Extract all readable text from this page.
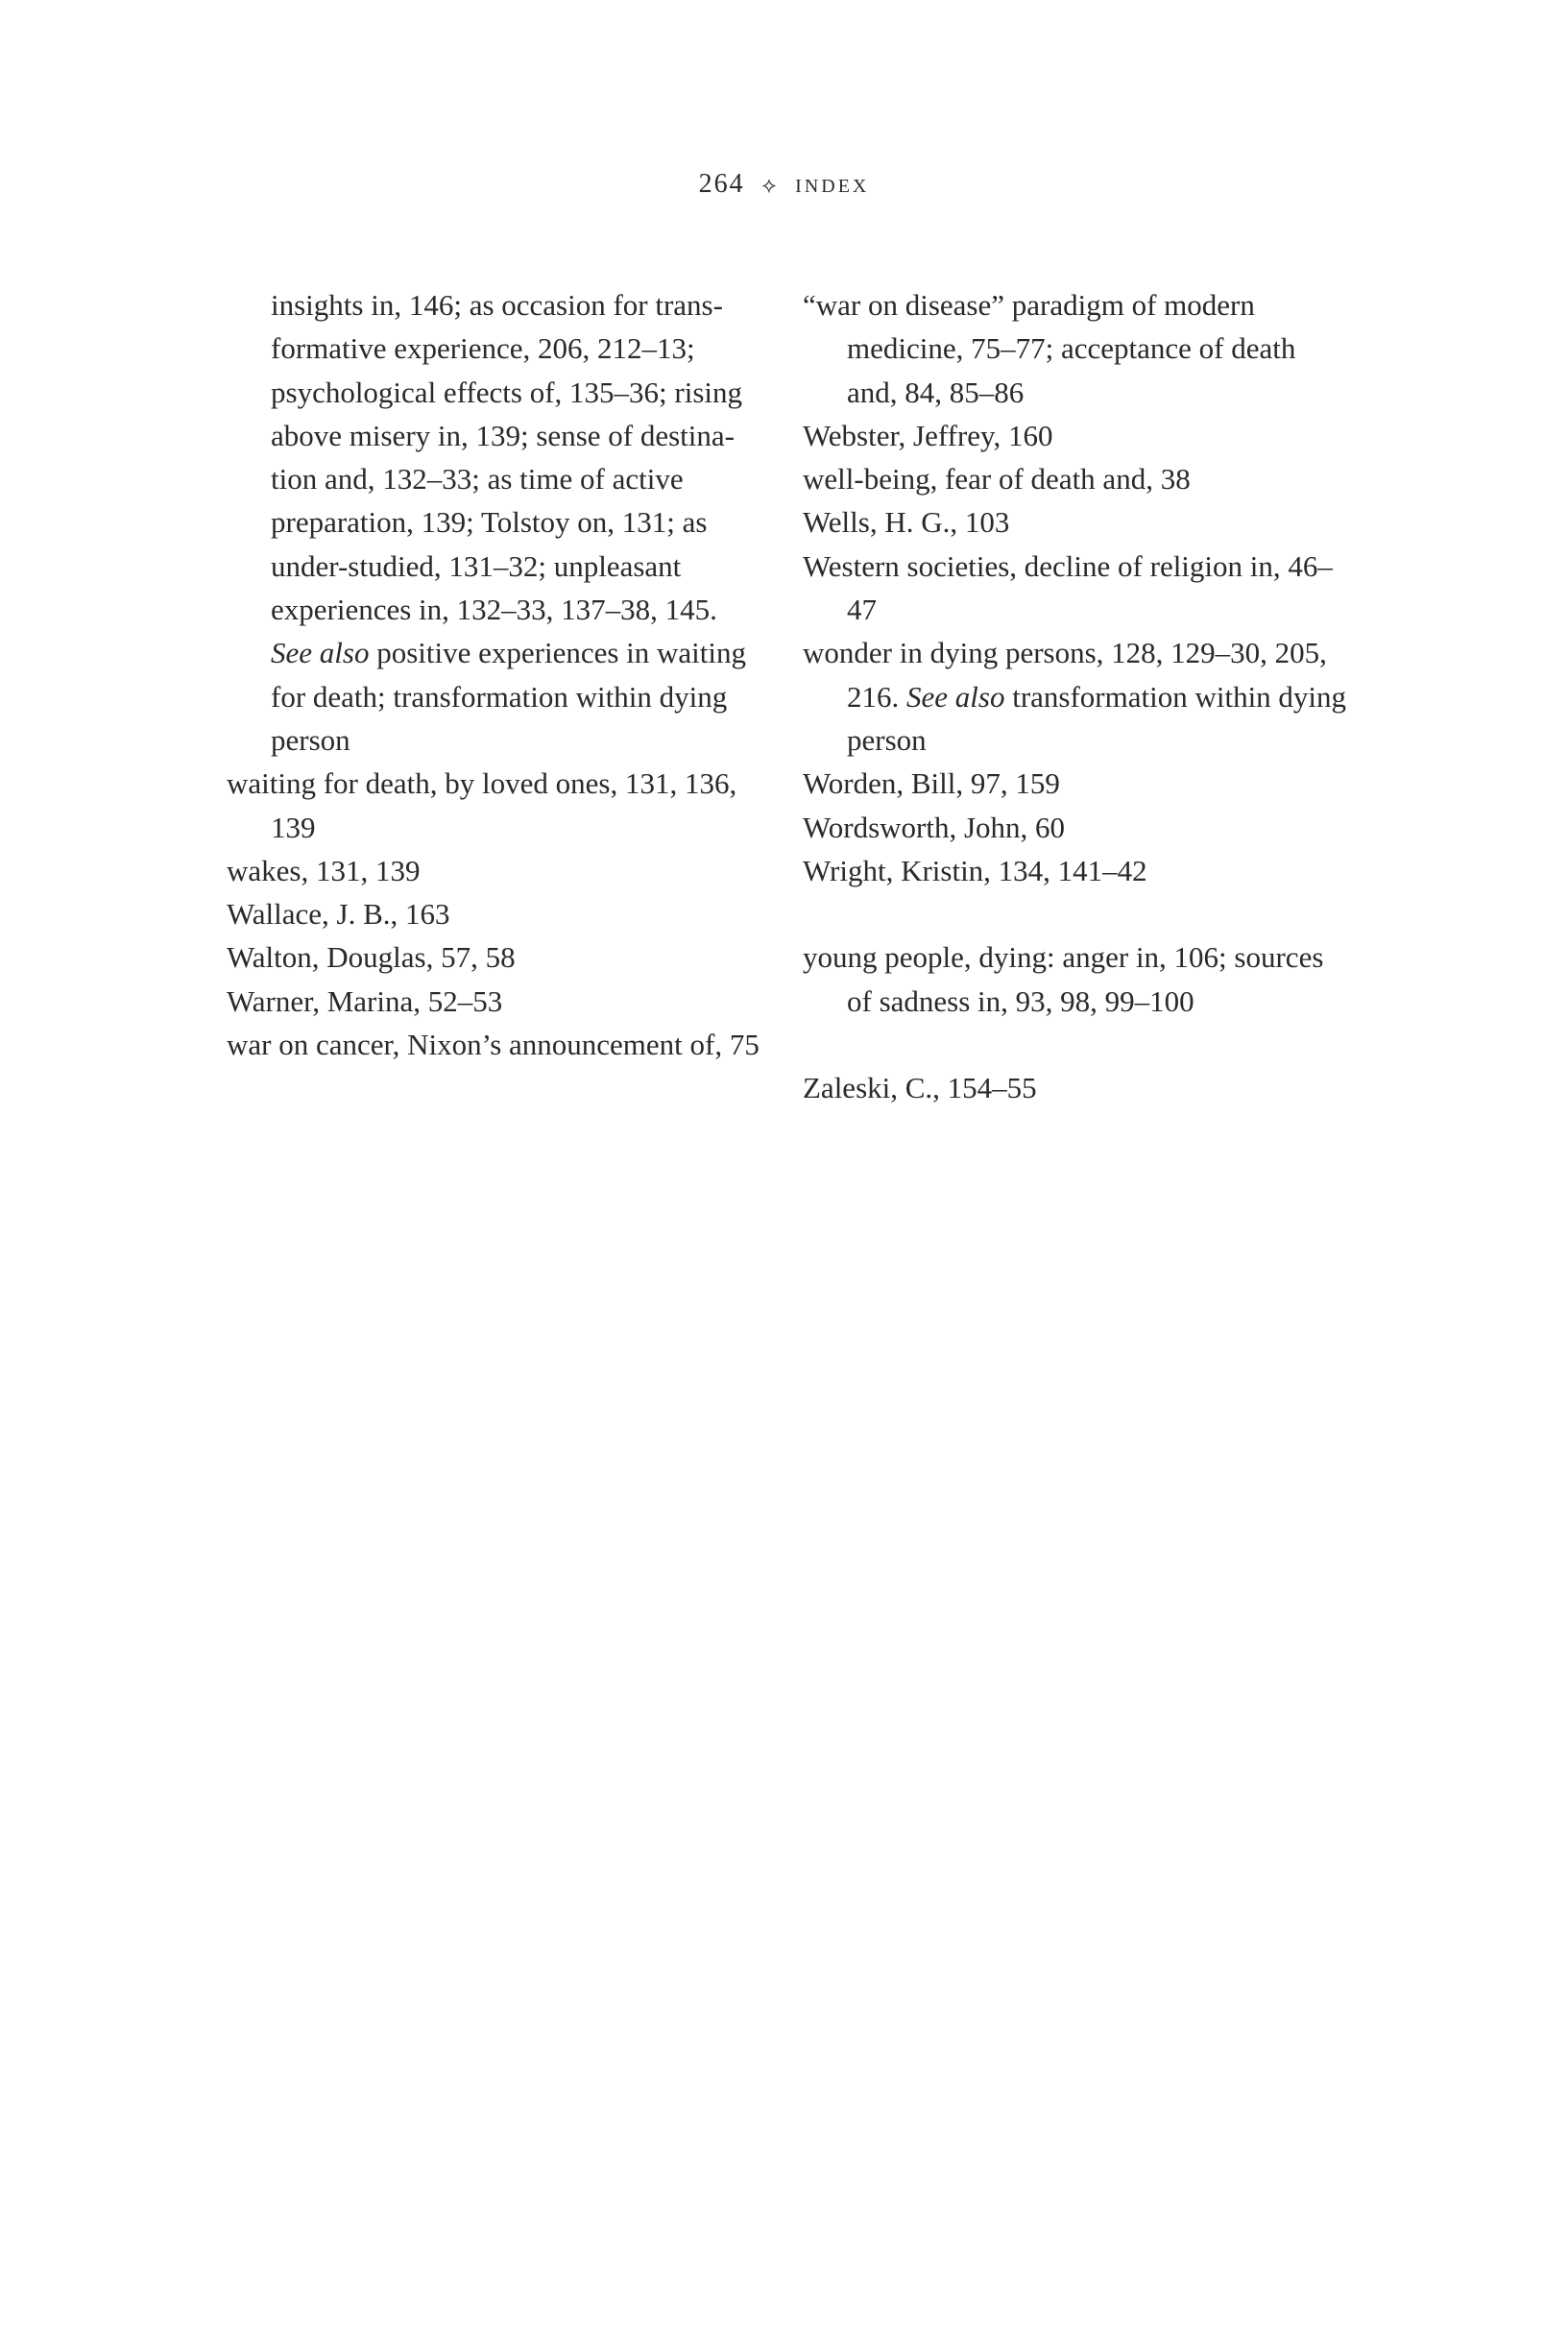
264 ⟡ index
insights in, 146; as occasion for transformative experience, 206, 212–13; psychological effects of, 135–36; rising above misery in, 139; sense of destination and, 132–33; as time of active preparation, 139; Tolstoy on, 131; as under-studied, 131–32; unpleasant experiences in, 132–33, 137–38, 145. See also positive experiences in waiting for death; transformation within dying person
waiting for death, by loved ones, 131, 136, 139
wakes, 131, 139
Wallace, J. B., 163
Walton, Douglas, 57, 58
Warner, Marina, 52–53
war on cancer, Nixon’s announcement of, 75
“war on disease” paradigm of modern medicine, 75–77; acceptance of death and, 84, 85–86
Webster, Jeffrey, 160
well-being, fear of death and, 38
Wells, H. G., 103
Western societies, decline of religion in, 46–47
wonder in dying persons, 128, 129–30, 205, 216. See also transformation within dying person
Worden, Bill, 97, 159
Wordsworth, John, 60
Wright, Kristin, 134, 141–42
young people, dying: anger in, 106; sources of sadness in, 93, 98, 99–100
Zaleski, C., 154–55
